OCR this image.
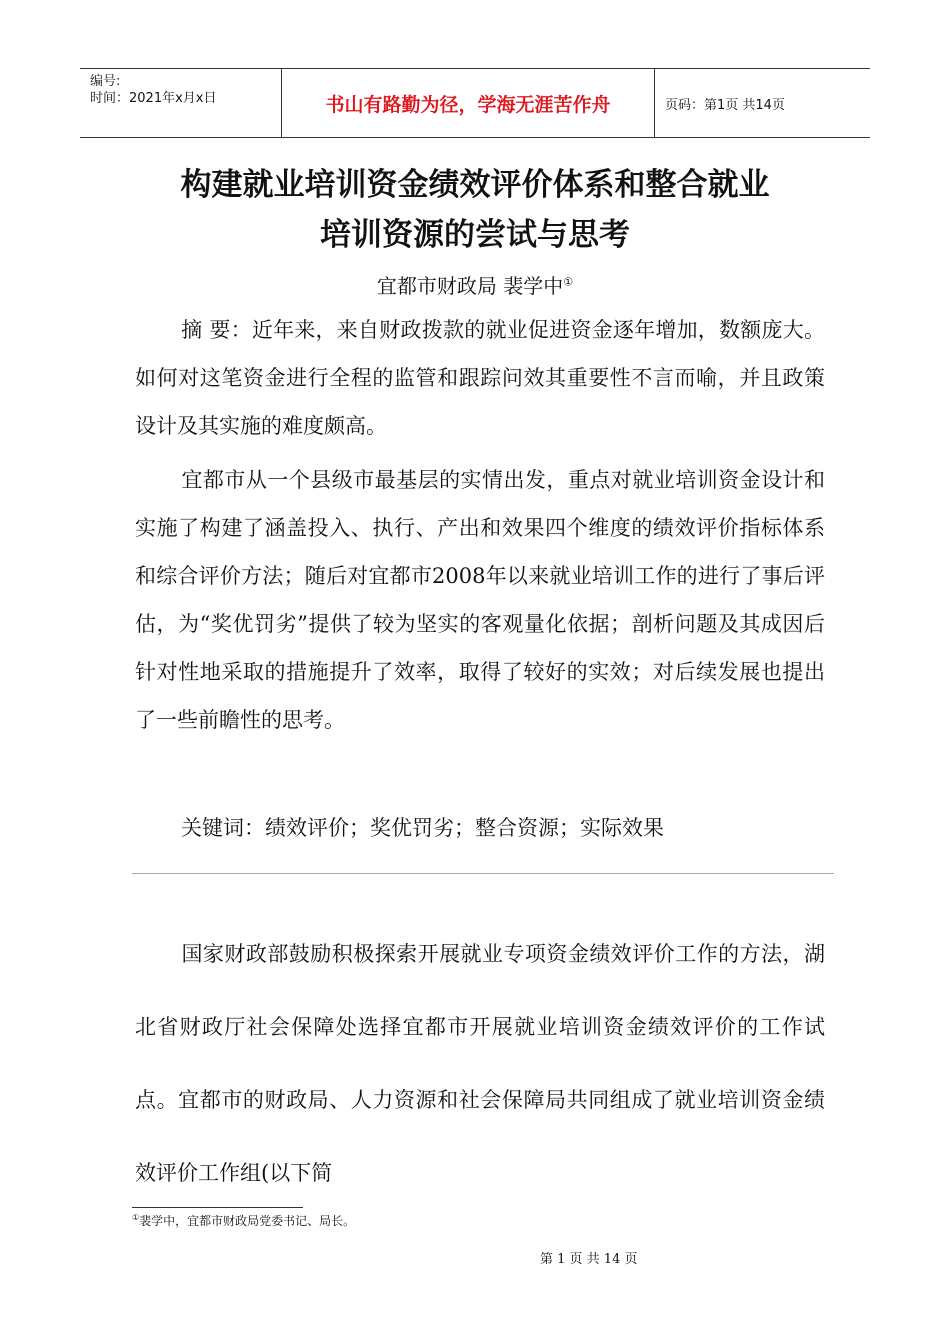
编号:
时间：2021年x月x日	书山有路勤为径，学海无涯苦作舟	页码：第1页 共14页
构建就业培训资金绩效评价体系和整合就业
培训资源的尝试与思考
宜都市财政局 裴学中①
摘 要：近年来，来自财政拨款的就业促进资金逐年增加，数额庞大。如何对这笔资金进行全程的监管和跟踪问效其重要性不言而喻，并且政策设计及其实施的难度颇高。
宜都市从一个县级市最基层的实情出发，重点对就业培训资金设计和实施了构建了涵盖投入、执行、产出和效果四个维度的绩效评价指标体系和综合评价方法；随后对宜都市2008年以来就业培训工作的进行了事后评估，为“奖优罚劣”提供了较为坚实的客观量化依据；剖析问题及其成因后针对性地采取的措施提升了效率，取得了较好的实效；对后续发展也提出了一些前瞻性的思考。
关键词：绩效评价；奖优罚劣；整合资源；实际效果
国家财政部鼓励积极探索开展就业专项资金绩效评价工作的方法，湖北省财政厅社会保障处选择宜都市开展就业培训资金绩效评价的工作试点。宜都市的财政局、人力资源和社会保障局共同组成了就业培训资金绩效评价工作组(以下简
①裴学中，宜都市财政局党委书记、局长。
第 1 页 共 14 页
